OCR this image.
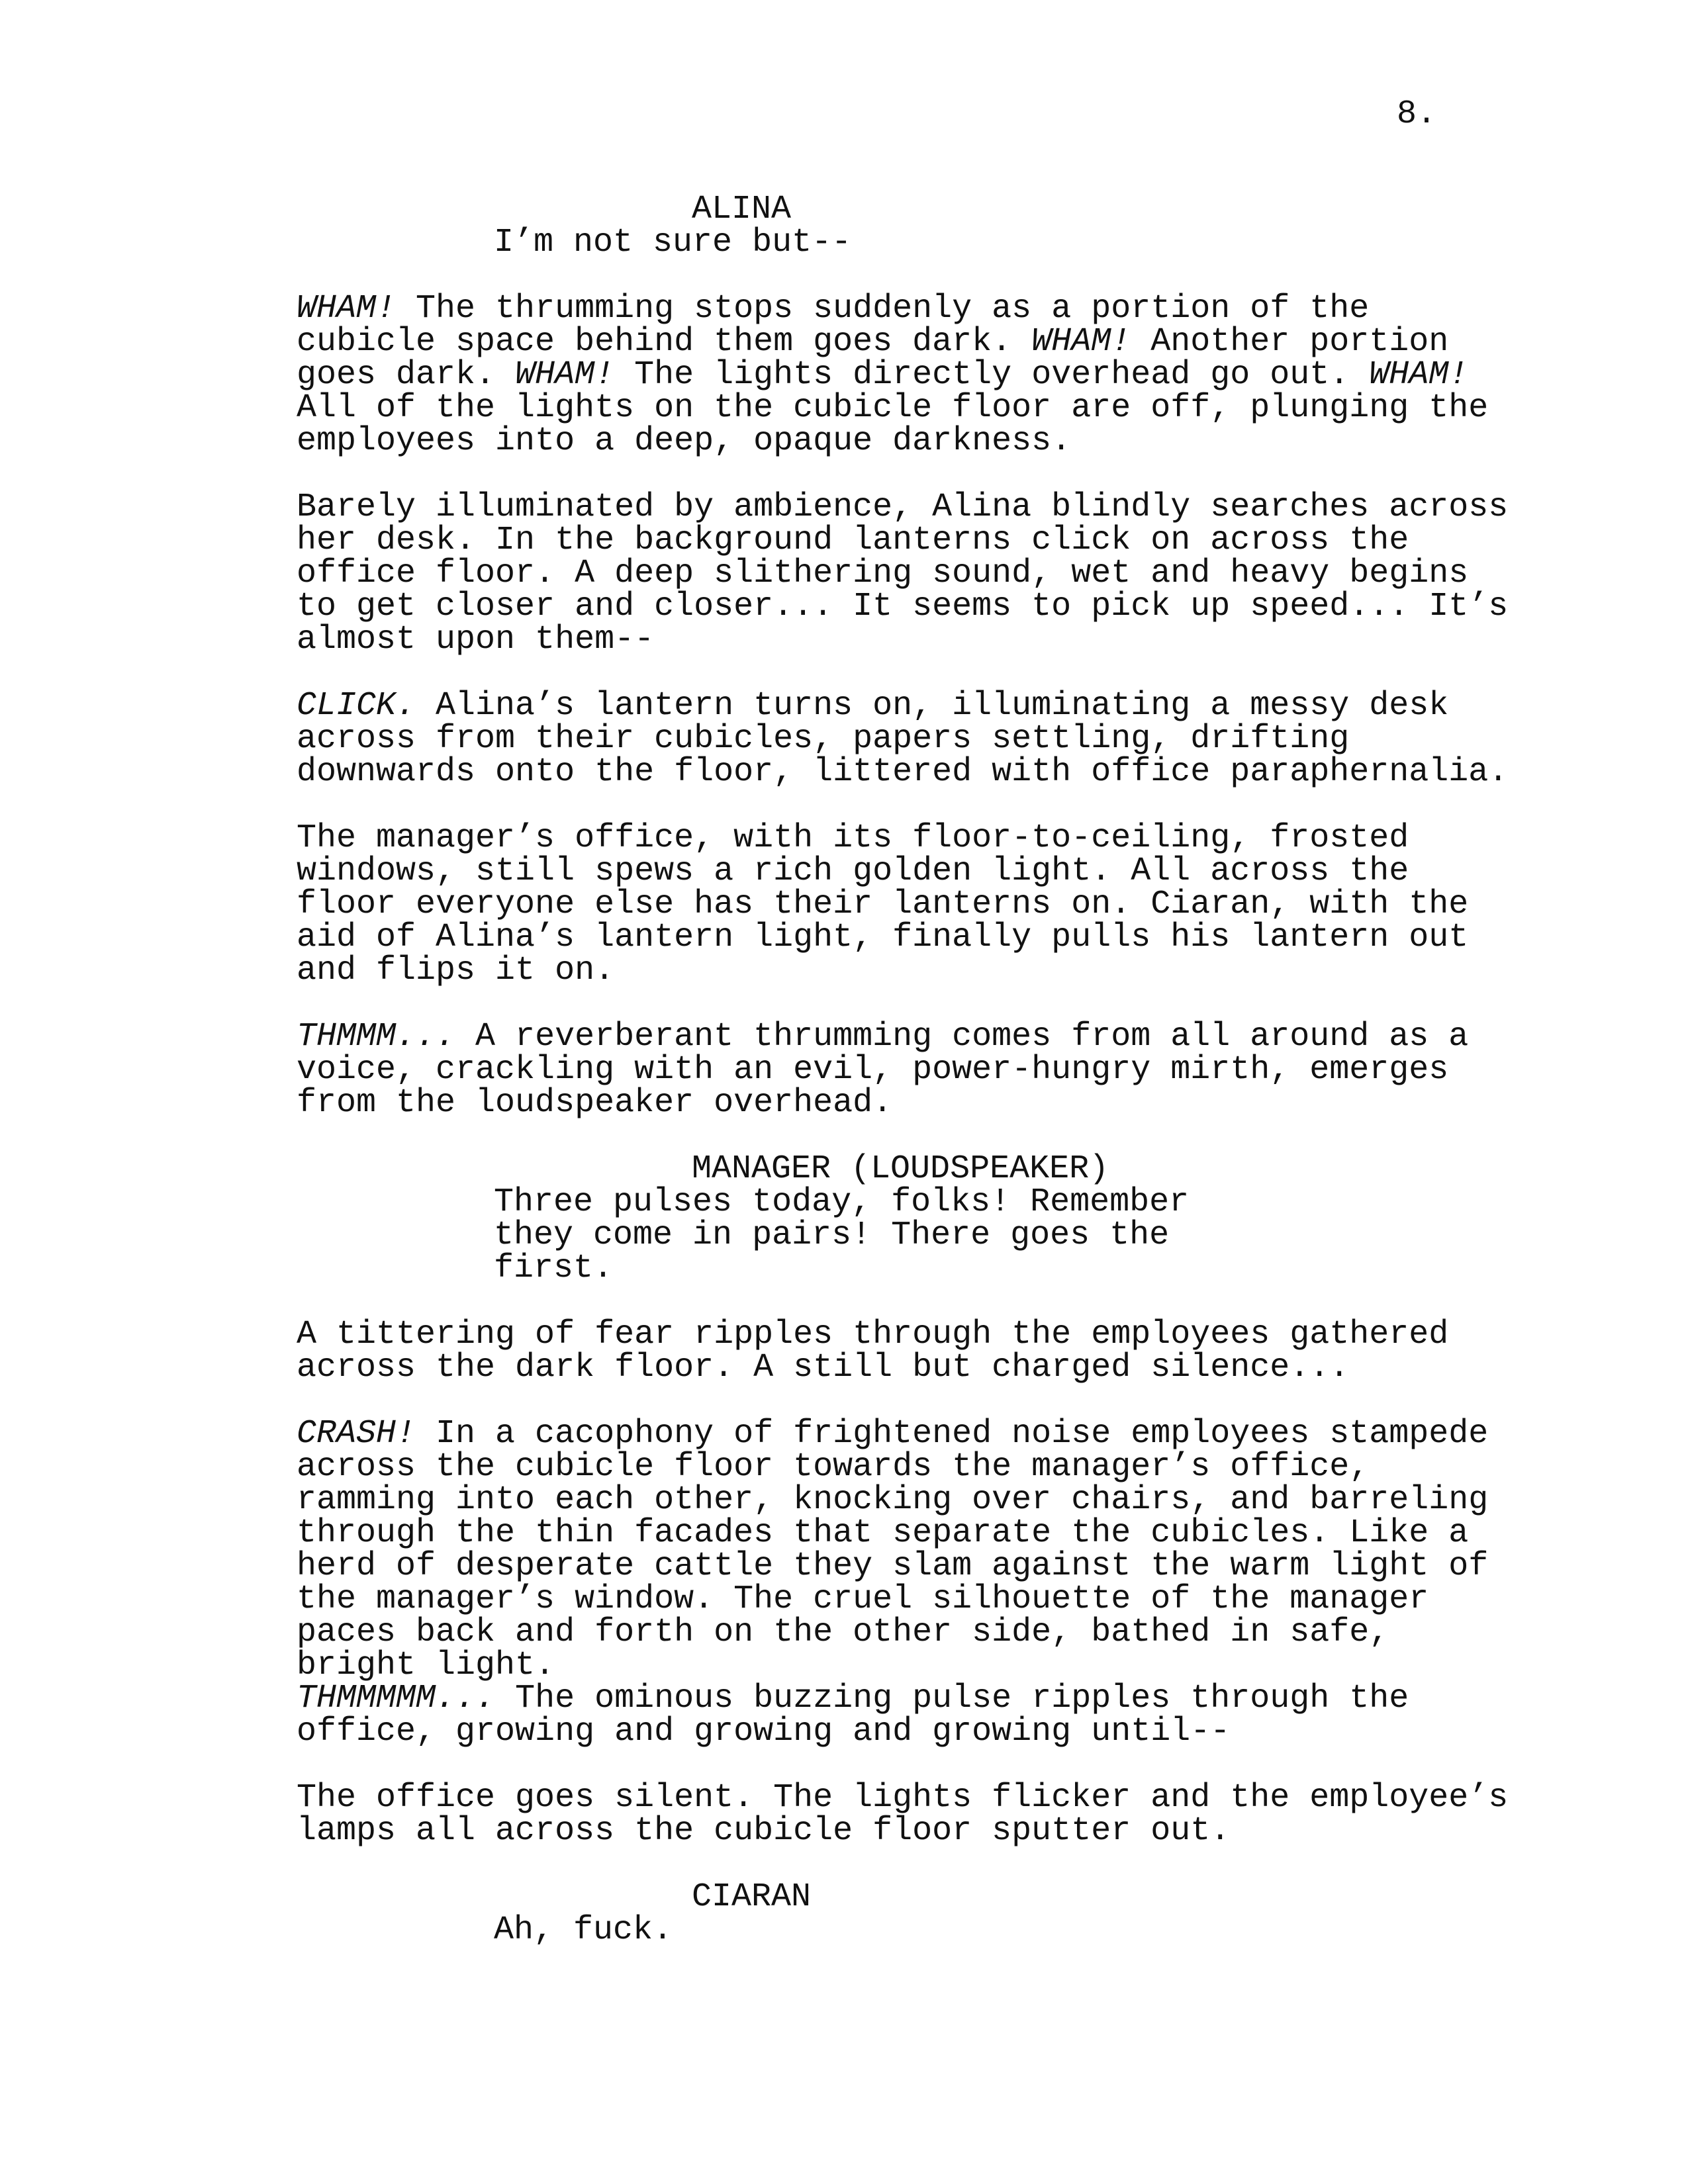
8.
ALINA
I’m not sure but--
WHAM! The thrumming stops suddenly as a portion of the
cubicle space behind them goes dark. WHAM! Another portion
goes dark. WHAM! The lights directly overhead go out. WHAM!
All of the lights on the cubicle floor are off, plunging the
employees into a deep, opaque darkness.
Barely illuminated by ambience, Alina blindly searches across
her desk. In the background lanterns click on across the
office floor. A deep slithering sound, wet and heavy begins
to get closer and closer... It seems to pick up speed... It’s
almost upon them--
CLICK. Alina’s lantern turns on, illuminating a messy desk
across from their cubicles, papers settling, drifting
downwards onto the floor, littered with office paraphernalia.
The manager’s office, with its floor-to-ceiling, frosted
windows, still spews a rich golden light. All across the
floor everyone else has their lanterns on. Ciaran, with the
aid of Alina’s lantern light, finally pulls his lantern out
and flips it on.
THMMM... A reverberant thrumming comes from all around as a
voice, crackling with an evil, power-hungry mirth, emerges
from the loudspeaker overhead.
MANAGER (LOUDSPEAKER)
Three pulses today, folks! Remember
they come in pairs! There goes the
first.
A tittering of fear ripples through the employees gathered
across the dark floor. A still but charged silence...
CRASH! In a cacophony of frightened noise employees stampede
across the cubicle floor towards the manager’s office,
ramming into each other, knocking over chairs, and barreling
through the thin facades that separate the cubicles. Like a
herd of desperate cattle they slam against the warm light of
the manager’s window. The cruel silhouette of the manager
paces back and forth on the other side, bathed in safe,
bright light.
THMMMMM... The ominous buzzing pulse ripples through the
office, growing and growing and growing until--
The office goes silent. The lights flicker and the employee’s
lamps all across the cubicle floor sputter out.
CIARAN
Ah, fuck.
